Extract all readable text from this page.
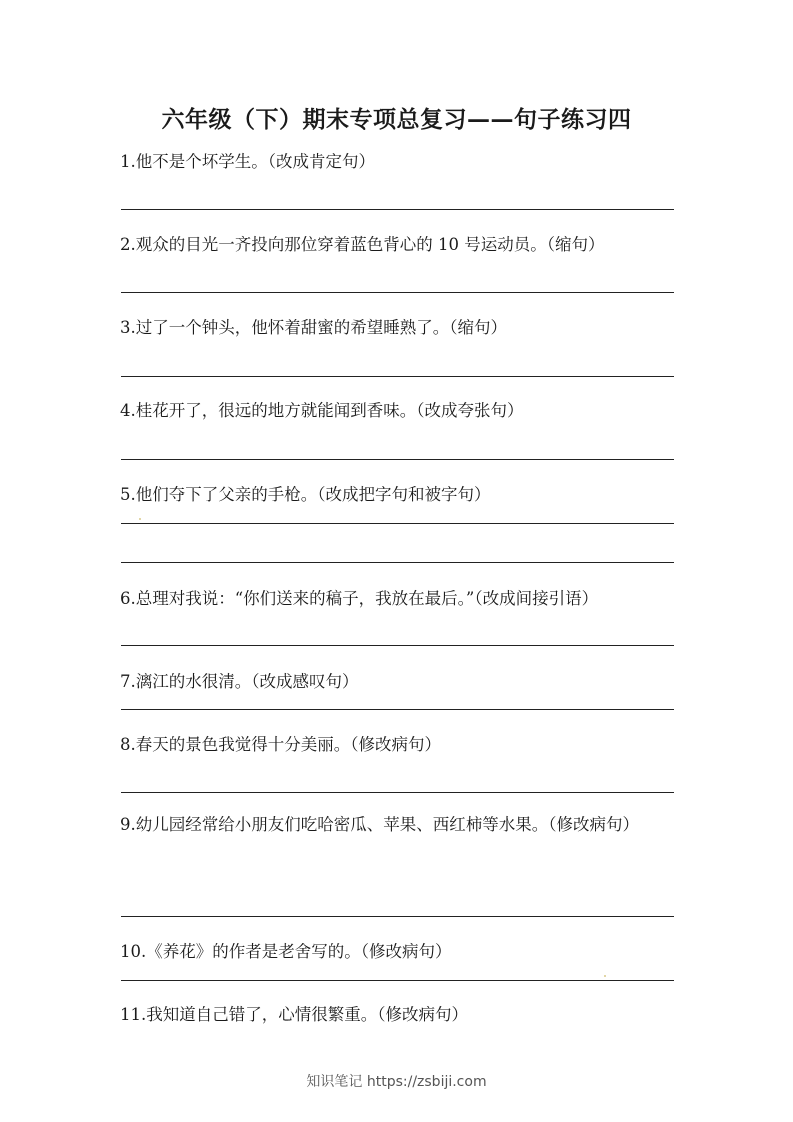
六年级（下）期末专项总复习——句子练习四
1.他不是个坏学生。（改成肯定句）
2.观众的目光一齐投向那位穿着蓝色背心的 10 号运动员。（缩句）
3.过了一个钟头，他怀着甜蜜的希望睡熟了。（缩句）
4.桂花开了，很远的地方就能闻到香味。（改成夸张句）
5.他们夺下了父亲的手枪。（改成把字句和被字句）
6.总理对我说：“你们送来的稿子，我放在最后。”（改成间接引语）
7.漓江的水很清。（改成感叹句）
8.春天的景色我觉得十分美丽。（修改病句）
9.幼儿园经常给小朋友们吃哈密瓜、苹果、西红柿等水果。（修改病句）
10.《养花》的作者是老舍写的。（修改病句）
11.我知道自己错了，心情很繁重。（修改病句）
知识笔记 https://zsbiji.com
